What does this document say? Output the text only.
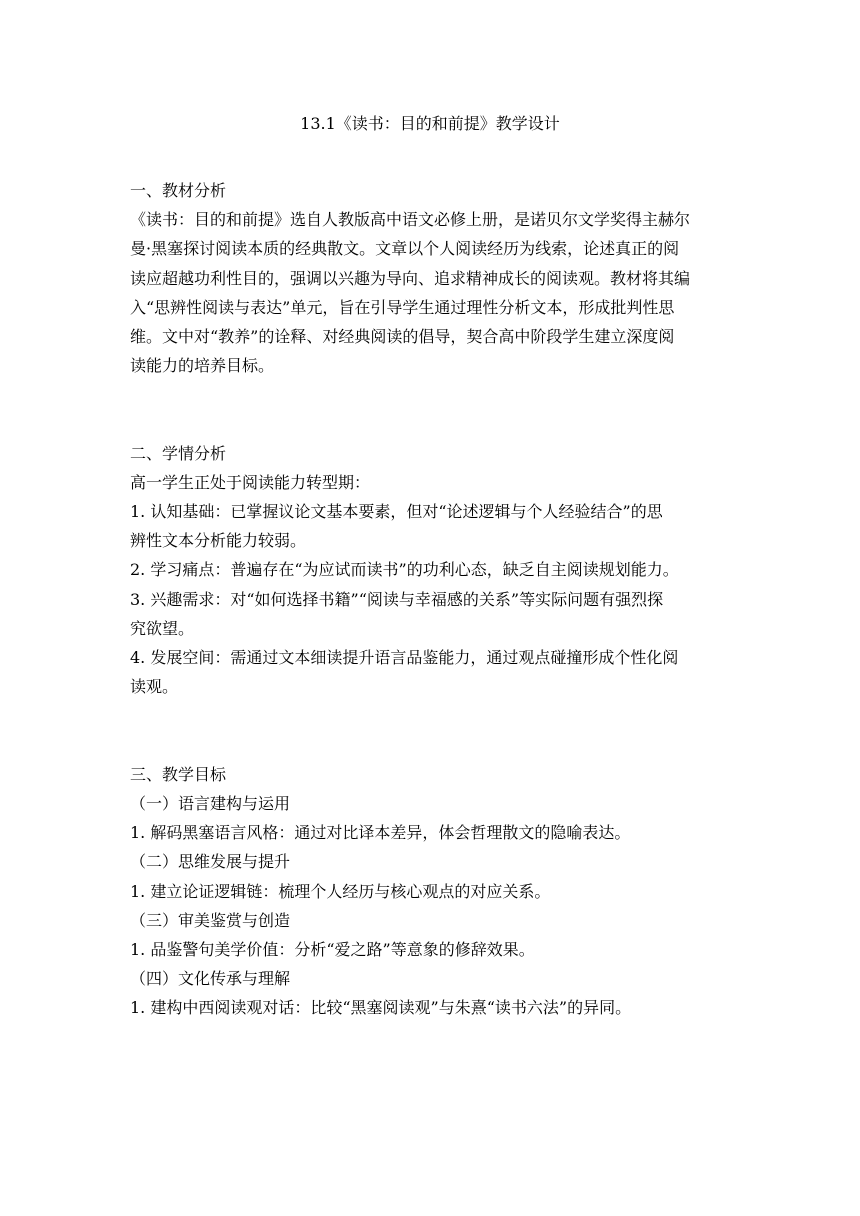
13.1《读书：目的和前提》教学设计
一、教材分析
《读书：目的和前提》选自人教版高中语文必修上册，是诺贝尔文学奖得主赫尔
曼·黑塞探讨阅读本质的经典散文。文章以个人阅读经历为线索，论述真正的阅
读应超越功利性目的，强调以兴趣为导向、追求精神成长的阅读观。教材将其编
入“思辨性阅读与表达”单元，旨在引导学生通过理性分析文本，形成批判性思
维。文中对“教养”的诠释、对经典阅读的倡导，契合高中阶段学生建立深度阅
读能力的培养目标。
二、学情分析
高一学生正处于阅读能力转型期：
1. 认知基础：已掌握议论文基本要素，但对“论述逻辑与个人经验结合”的思
辨性文本分析能力较弱。
2. 学习痛点：普遍存在“为应试而读书”的功利心态，缺乏自主阅读规划能力。
3. 兴趣需求：对“如何选择书籍”“阅读与幸福感的关系”等实际问题有强烈探
究欲望。
4. 发展空间：需通过文本细读提升语言品鉴能力，通过观点碰撞形成个性化阅
读观。
三、教学目标
（一）语言建构与运用
1. 解码黑塞语言风格：通过对比译本差异，体会哲理散文的隐喻表达。
（二）思维发展与提升
1. 建立论证逻辑链：梳理个人经历与核心观点的对应关系。
（三）审美鉴赏与创造
1. 品鉴警句美学价值：分析“爱之路”等意象的修辞效果。
（四）文化传承与理解
1. 建构中西阅读观对话：比较“黑塞阅读观”与朱熹“读书六法”的异同。
